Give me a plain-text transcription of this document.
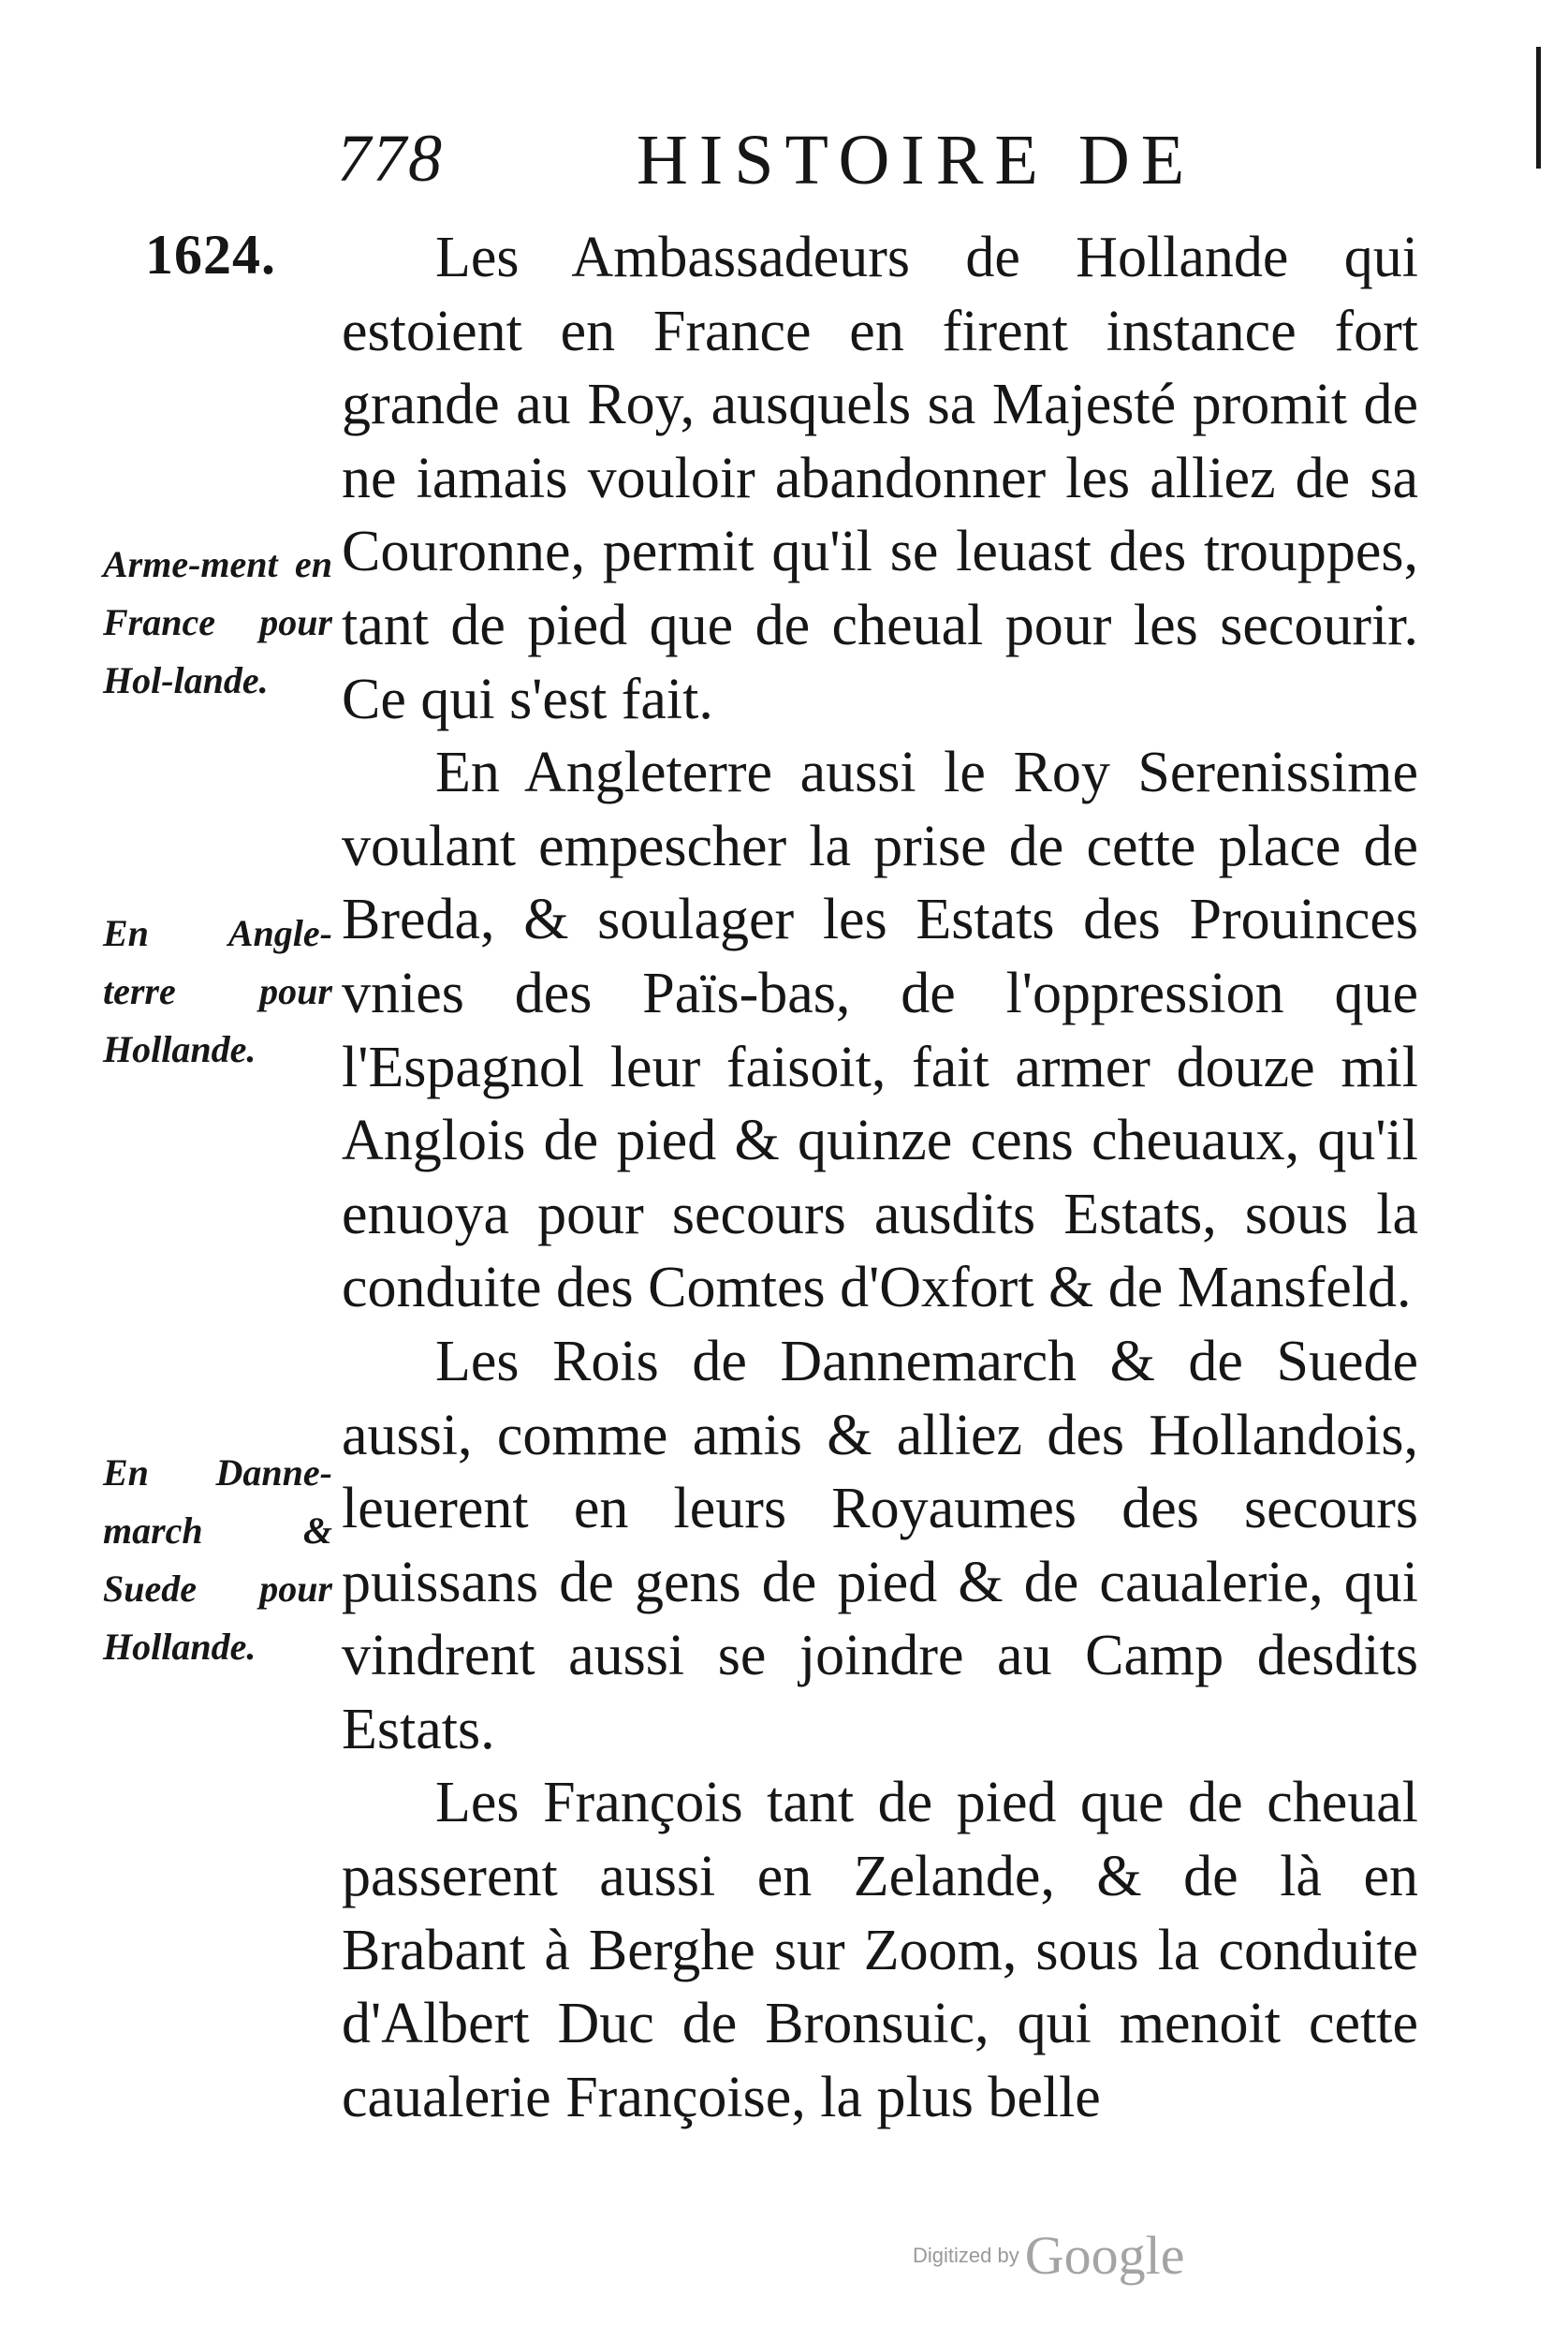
778	HISTOIRE DE
1624.
Arme-ment en France pour Hol-lande.
En Angle-terre pour Hollande.
En Danne-march & Suede pour Hollande.

Les Ambassadeurs de Hollande qui estoient en France en firent instance fort grande au Roy, ausquels sa Majesté promit de ne iamais vouloir abandonner les alliez de sa Couronne, permit qu'il se leuast des trouppes, tant de pied que de cheual pour les secourir. Ce qui s'est fait.

En Angleterre aussi le Roy Serenissime voulant empescher la prise de cette place de Breda, & soulager les Estats des Prouinces vnies des Païs-bas, de l'oppression que l'Espagnol leur faisoit, fait armer douze mil Anglois de pied & quinze cens cheuaux, qu'il enuoya pour secours ausdits Estats, sous la conduite des Comtes d'Oxfort & de Mansfeld.

Les Rois de Dannemarch & de Suede aussi, comme amis & alliez des Hollandois, leuerent en leurs Royaumes des secours puissans de gens de pied & de caualerie, qui vindrent aussi se joindre au Camp desdits Estats.

Les François tant de pied que de cheual passerent aussi en Zelande, & de là en Brabant à Berghe sur Zoom, sous la conduite d'Albert Duc de Bronsuic, qui menoit cette caualerie Françoise, la plus belle

Digitized by Google
